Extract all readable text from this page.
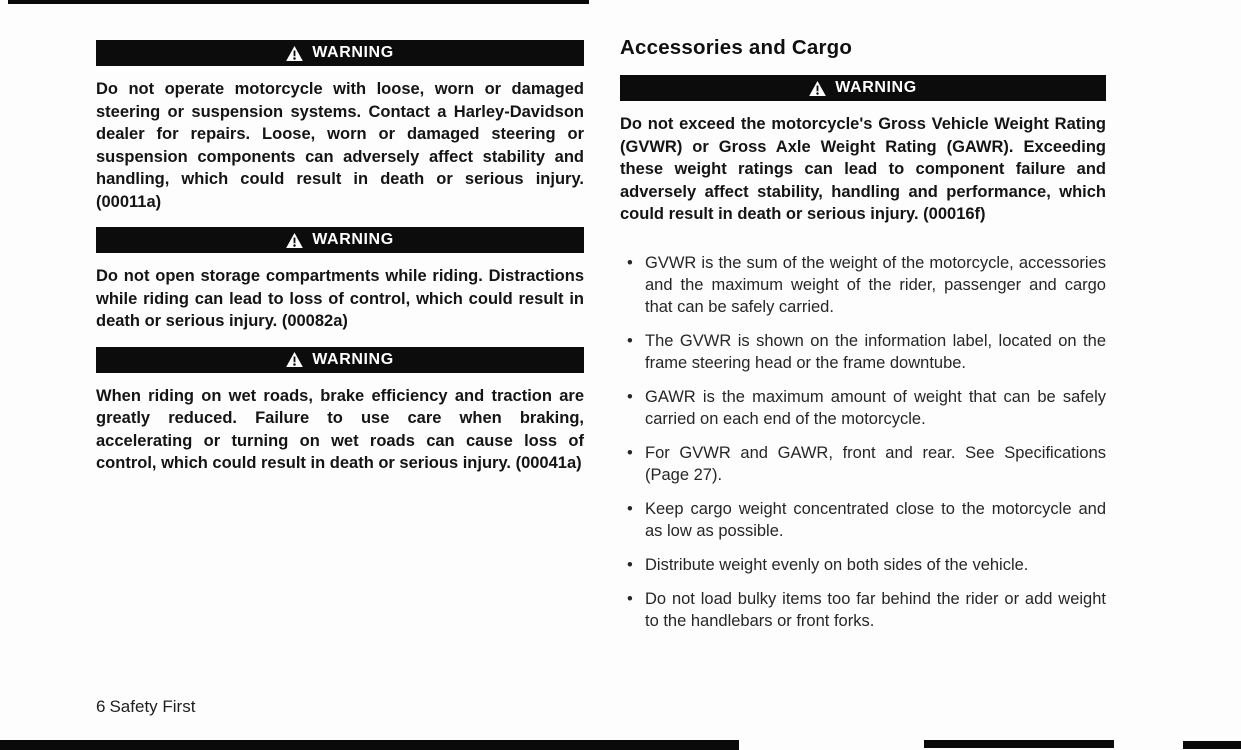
WARNING

Do not operate motorcycle with loose, worn or damaged steering or suspension systems. Contact a Harley-Davidson dealer for repairs. Loose, worn or damaged steering or suspension components can adversely affect stability and handling, which could result in death or serious injury. (00011a)

WARNING

Do not open storage compartments while riding. Distractions while riding can lead to loss of control, which could result in death or serious injury. (00082a)

WARNING

When riding on wet roads, brake efficiency and traction are greatly reduced. Failure to use care when braking, accelerating or turning on wet roads can cause loss of control, which could result in death or serious injury. (00041a)

Accessories and Cargo
WARNING

Do not exceed the motorcycle's Gross Vehicle Weight Rating (GVWR) or Gross Axle Weight Rating (GAWR). Exceeding these weight ratings can lead to component failure and adversely affect stability, handling and performance, which could result in death or serious injury. (00016f)

• GVWR is the sum of the weight of the motorcycle, accessories and the maximum weight of the rider, passenger and cargo that can be safely carried.
• The GVWR is shown on the information label, located on the frame steering head or the frame downtube.
• GAWR is the maximum amount of weight that can be safely carried on each end of the motorcycle.
• For GVWR and GAWR, front and rear. See Specifications (Page 27).
• Keep cargo weight concentrated close to the motorcycle and as low as possible.
• Distribute weight evenly on both sides of the vehicle.
• Do not load bulky items too far behind the rider or add weight to the handlebars or front forks.
6 Safety First
